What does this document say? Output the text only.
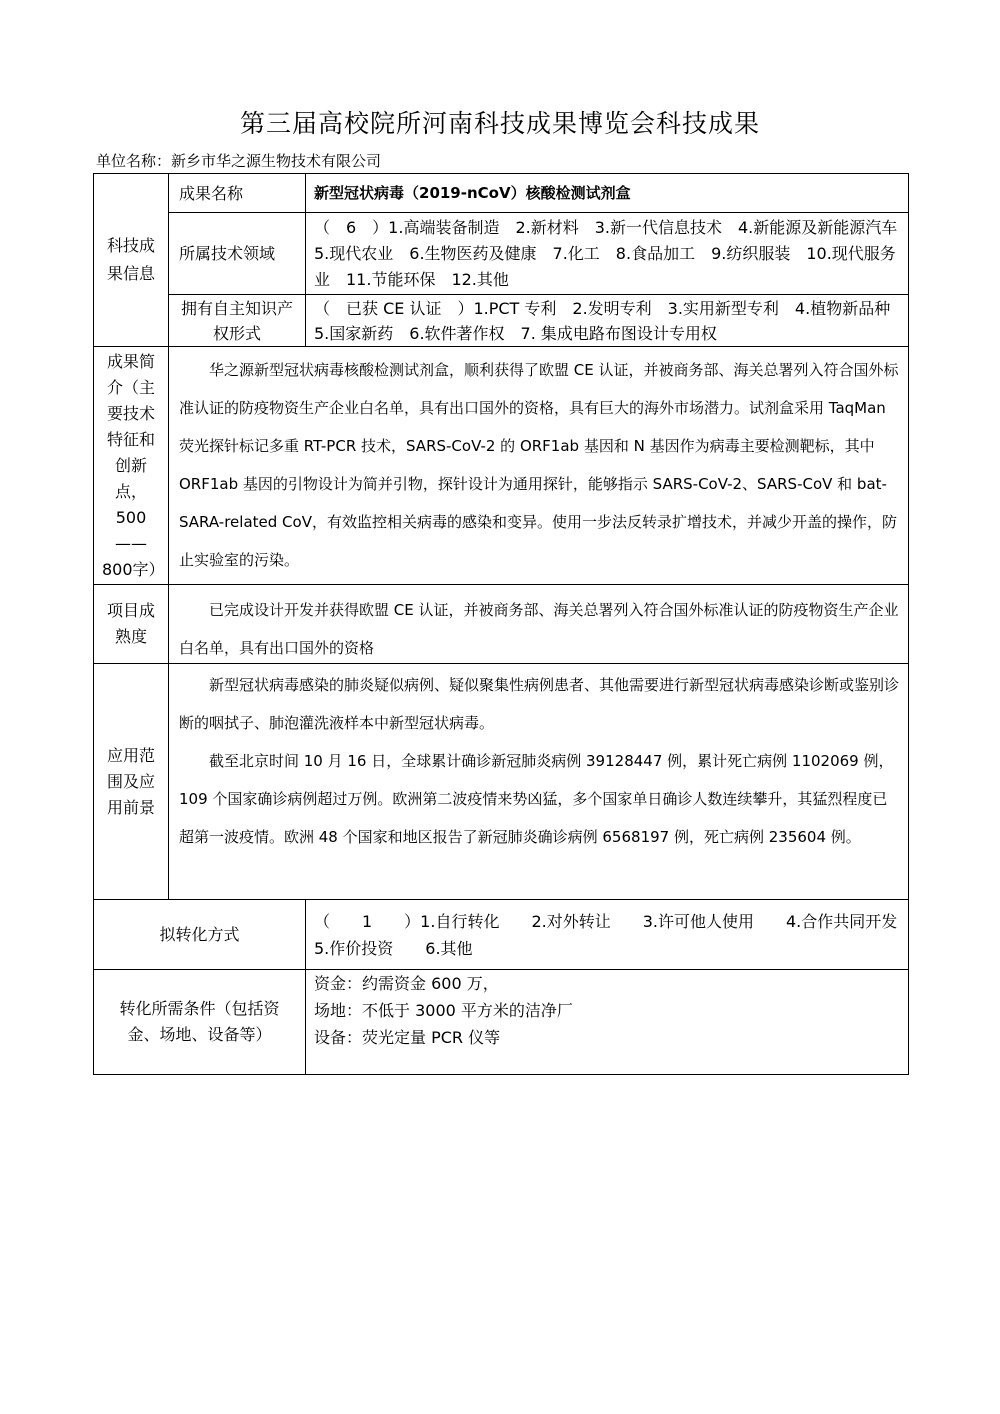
第三届高校院所河南科技成果博览会科技成果
单位名称：新乡市华之源生物技术有限公司
科技成果信息
成果名称	新型冠状病毒（2019-nCoV）核酸检测试剂盒
所属技术领域
（　6　）1.高端装备制造　2.新材料　3.新一代信息技术　4.新能源及新能源汽车　5.现代农业　6.生物医药及健康　7.化工　8.食品加工　9.纺织服装　10.现代服务业　11.节能环保　12.其他
拥有自主知识产权形式
（　已获 CE 认证　）1.PCT 专利　2.发明专利　3.实用新型专利　4.植物新品种　5.国家新药　6.软件著作权　7. 集成电路布图设计专用权
成果简介（主要技术特征和创新点，500——800字）

华之源新型冠状病毒核酸检测试剂盒，顺利获得了欧盟 CE 认证，并被商务部、海关总署列入符合国外标准认证的防疫物资生产企业白名单，具有出口国外的资格，具有巨大的海外市场潜力。试剂盒采用 TaqMan 荧光探针标记多重 RT-PCR 技术，SARS-CoV-2 的 ORF1ab 基因和 N 基因作为病毒主要检测靶标，其中 ORF1ab 基因的引物设计为简并引物，探针设计为通用探针，能够指示 SARS-CoV-2、SARS-CoV 和 bat-SARA-related CoV，有效监控相关病毒的感染和变异。使用一步法反转录扩增技术，并减少开盖的操作，防止实验室的污染。

项目成熟度

已完成设计开发并获得欧盟 CE 认证，并被商务部、海关总署列入符合国外标准认证的防疫物资生产企业白名单，具有出口国外的资格

应用范围及应用前景

新型冠状病毒感染的肺炎疑似病例、疑似聚集性病例患者、其他需要进行新型冠状病毒感染诊断或鉴别诊断的咽拭子、肺泡灌洗液样本中新型冠状病毒。

截至北京时间 10 月 16 日，全球累计确诊新冠肺炎病例 39128447 例，累计死亡病例 1102069 例，109 个国家确诊病例超过万例。欧洲第二波疫情来势凶猛，多个国家单日确诊人数连续攀升，其猛烈程度已超第一波疫情。欧洲 48 个国家和地区报告了新冠肺炎确诊病例 6568197 例，死亡病例 235604 例。

拟转化方式
（　　1　　）1.自行转化　　2.对外转让　　3.许可他人使用　　4.合作共同开发　5.作价投资　　6.其他
转化所需条件（包括资金、场地、设备等）
资金：约需资金 600 万，
场地：不低于 3000 平方米的洁净厂
设备：荧光定量 PCR 仪等
